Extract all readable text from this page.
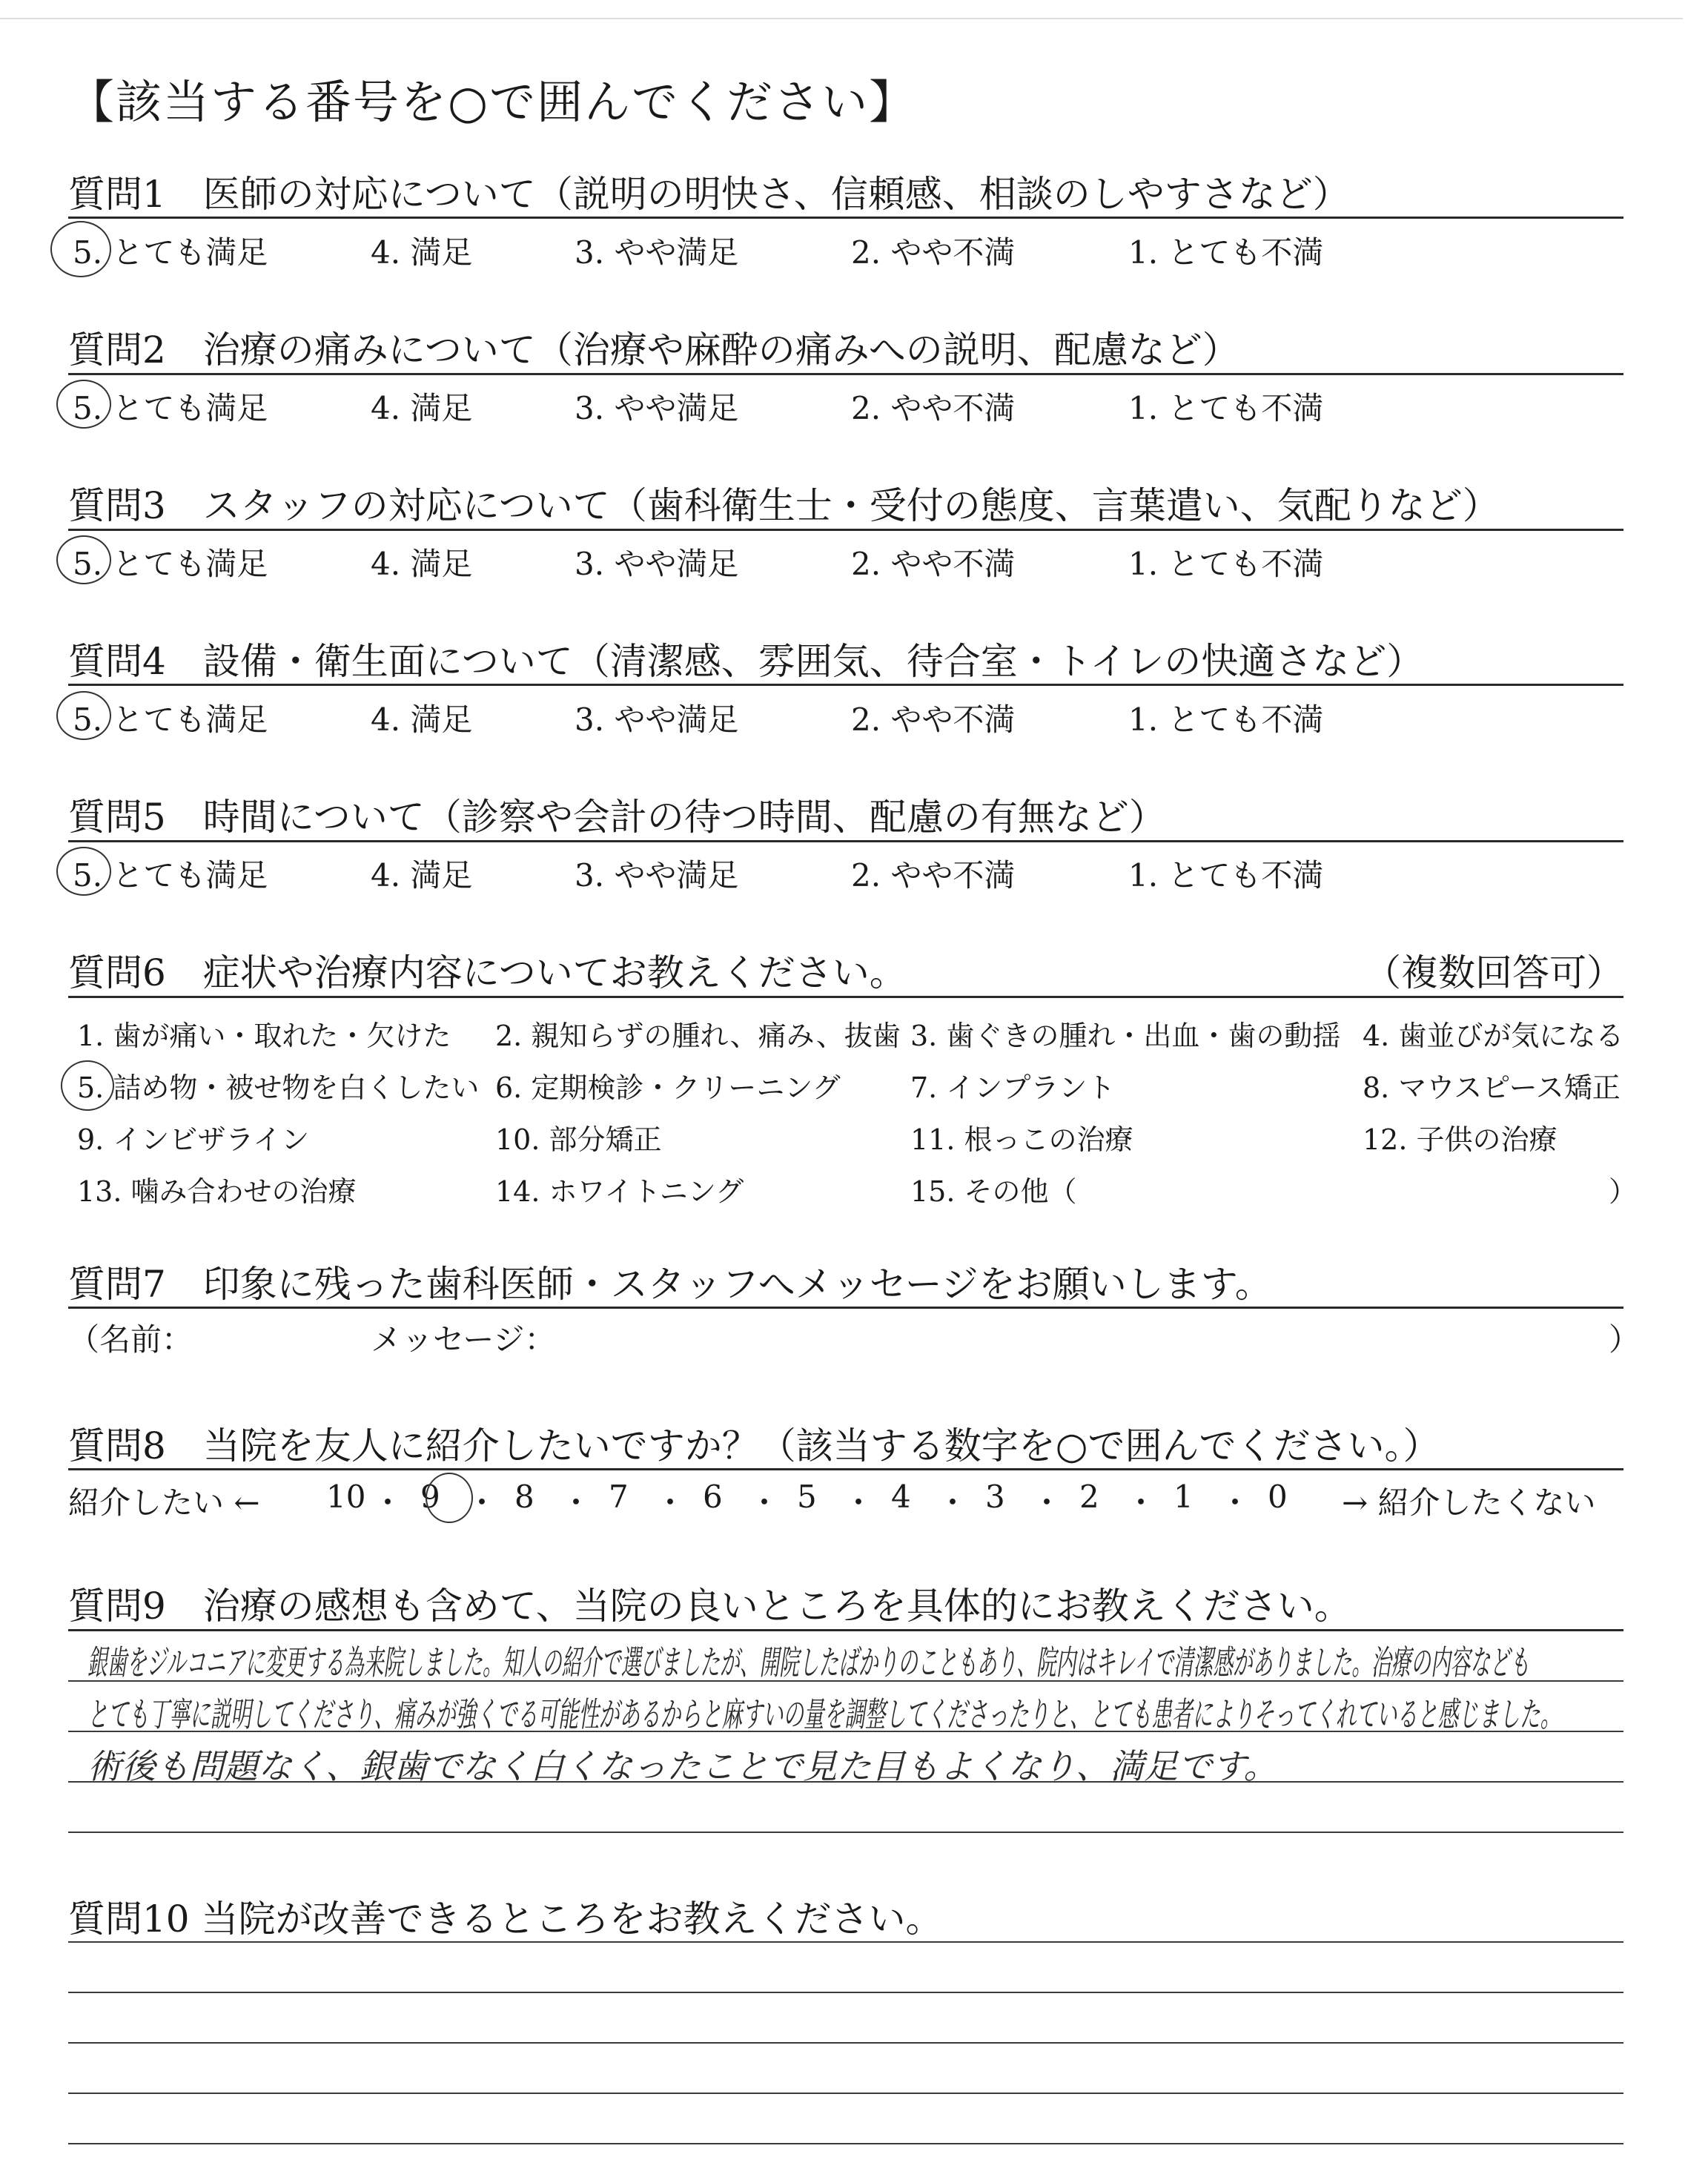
【該当する番号を○で囲んでください】
質問1　医師の対応について（説明の明快さ、信頼感、相談のしやすさなど）
5. とても満足	4. 満足	3. やや満足	2. やや不満	1. とても不満
質問2　治療の痛みについて（治療や麻酔の痛みへの説明、配慮など）
5. とても満足	4. 満足	3. やや満足	2. やや不満	1. とても不満
質問3　スタッフの対応について（歯科衛生士・受付の態度、言葉遣い、気配りなど）
5. とても満足	4. 満足	3. やや満足	2. やや不満	1. とても不満
質問4　設備・衛生面について（清潔感、雰囲気、待合室・トイレの快適さなど）
5. とても満足	4. 満足	3. やや満足	2. やや不満	1. とても不満
質問5　時間について（診察や会計の待つ時間、配慮の有無など）
5. とても満足	4. 満足	3. やや満足	2. やや不満	1. とても不満
質問6　症状や治療内容についてお教えください。	（複数回答可）
1. 歯が痛い・取れた・欠けた 2. 親知らずの腫れ、痛み、抜歯 3. 歯ぐきの腫れ・出血・歯の動揺 4. 歯並びが気になる
5. 詰め物・被せ物を白くしたい 6. 定期検診・クリーニング 7. インプラント	8. マウスピース矯正
9. インビザライン	10. 部分矯正	11. 根っこの治療	12. 子供の治療
13. 噛み合わせの治療	14. ホワイトニング	15. その他（	）
質問7　印象に残った歯科医師・スタッフへメッセージをお願いします。
（名前：	メッセージ：	）
質問8　当院を友人に紹介したいですか？（該当する数字を○で囲んでください。）
紹介したい ← 10 ・ 9 ・ 8 ・ 7 ・ 6 ・ 5 ・ 4 ・ 3 ・ 2 ・ 1 ・ 0 → 紹介したくない
質問9　治療の感想も含めて、当院の良いところを具体的にお教えください。
銀歯をジルコニアに変更する為来院しました。知人の紹介で選びましたが、開院したばかりのこともあり、院内はキレイで清潔感がありました。治療の内容なども
とても丁寧に説明してくださり、痛みが強くでる可能性があるからと麻すいの量を調整してくださったりと、とても患者によりそってくれていると感じました。
術後も問題なく、銀歯でなく白くなったことで見た目もよくなり、満足です。
質問10 当院が改善できるところをお教えください。
